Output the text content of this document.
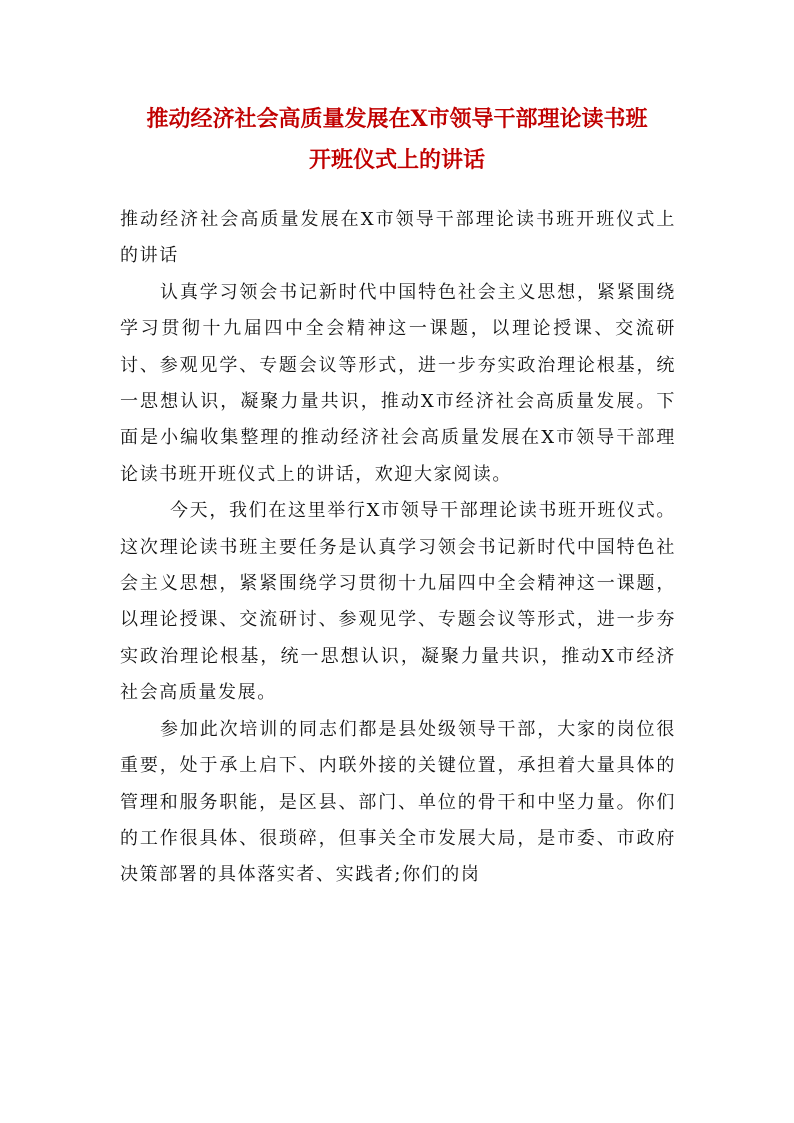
推动经济社会高质量发展在X市领导干部理论读书班
开班仪式上的讲话

推动经济社会高质量发展在X市领导干部理论读书班开班仪式上的讲话

认真学习领会书记新时代中国特色社会主义思想，紧紧围绕学习贯彻十九届四中全会精神这一课题，以理论授课、交流研讨、参观见学、专题会议等形式，进一步夯实政治理论根基，统一思想认识，凝聚力量共识，推动X市经济社会高质量发展。下面是小编收集整理的推动经济社会高质量发展在X市领导干部理论读书班开班仪式上的讲话，欢迎大家阅读。

今天，我们在这里举行X市领导干部理论读书班开班仪式。这次理论读书班主要任务是认真学习领会书记新时代中国特色社会主义思想，紧紧围绕学习贯彻十九届四中全会精神这一课题，以理论授课、交流研讨、参观见学、专题会议等形式，进一步夯实政治理论根基，统一思想认识，凝聚力量共识，推动X市经济社会高质量发展。

参加此次培训的同志们都是县处级领导干部，大家的岗位很重要，处于承上启下、内联外接的关键位置，承担着大量具体的管理和服务职能，是区县、部门、单位的骨干和中坚力量。你们的工作很具体、很琐碎，但事关全市发展大局，是市委、市政府决策部署的具体落实者、实践者;你们的岗
